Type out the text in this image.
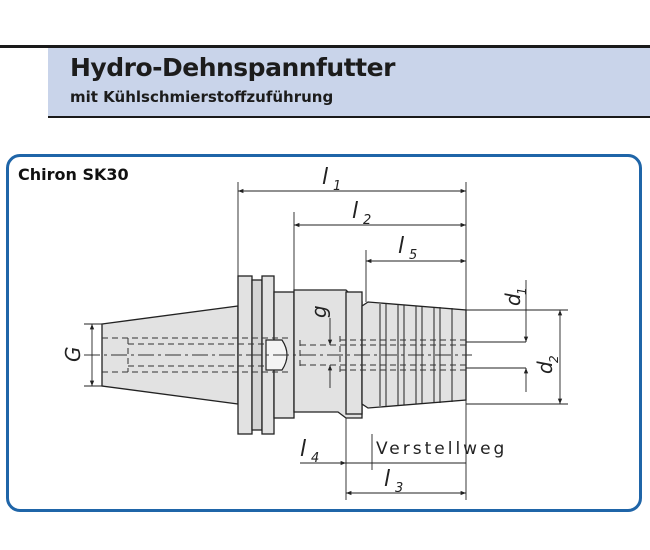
Hydro-Dehnspannfutter
mit Kühlschmierstoffzuführung
Chiron SK30	l 1
l 2
l 5
l 4
l 3
Verstellweg
d
1
d
2
g
G
